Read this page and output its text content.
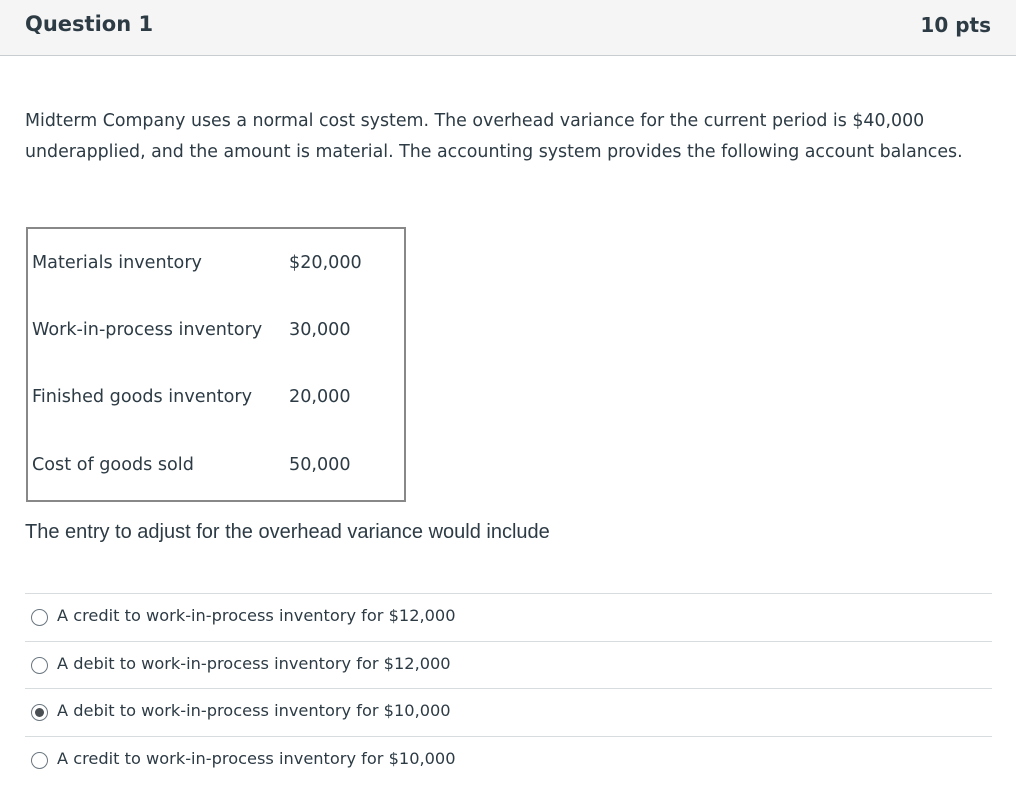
Question 1	10 pts
Midterm Company uses a normal cost system. The overhead variance for the current period is $40,000 underapplied, and the amount is material. The accounting system provides the following account balances.
Materials inventory	$20,000
Work-in-process inventory 30,000
Finished goods inventory 20,000
Cost of goods sold	50,000
The entry to adjust for the overhead variance would include
A credit to work-in-process inventory for $12,000
A debit to work-in-process inventory for $12,000
A debit to work-in-process inventory for $10,000
A credit to work-in-process inventory for $10,000
